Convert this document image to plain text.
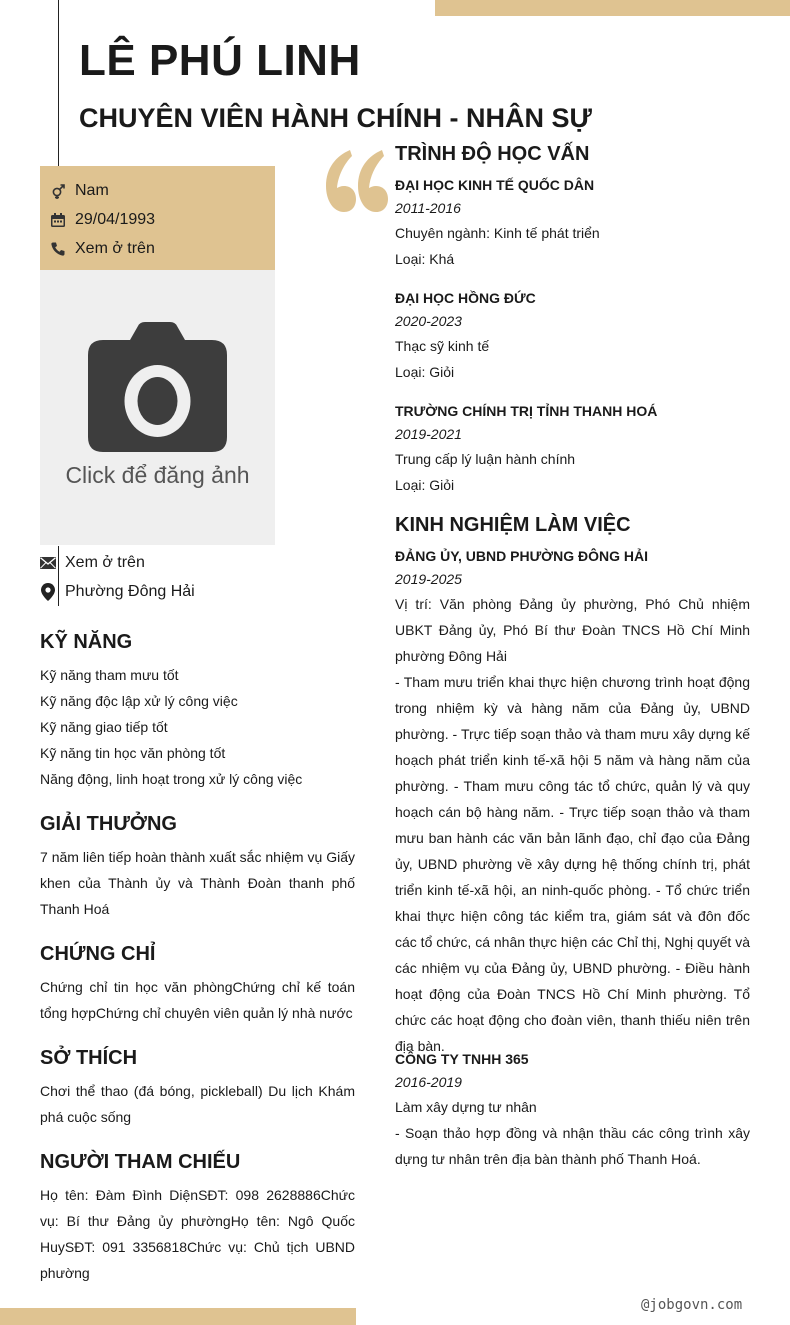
LÊ PHÚ LINH
CHUYÊN VIÊN HÀNH CHÍNH - NHÂN SỰ
Nam
29/04/1993
Xem ở trên
Click để đăng ảnh
Xem ở trên
Phường Đông Hải
KỸ NĂNG
Kỹ năng tham mưu tốt
Kỹ năng độc lập xử lý công việc
Kỹ năng giao tiếp tốt
Kỹ năng tin học văn phòng tốt
Năng động, linh hoạt trong xử lý công việc
GIẢI THƯỞNG
7 năm liên tiếp hoàn thành xuất sắc nhiệm vụ Giấy khen của Thành ủy và Thành Đoàn thanh phố Thanh Hoá
CHỨNG CHỈ
Chứng chỉ tin học văn phòngChứng chỉ kế toán tổng hợpChứng chỉ chuyên viên quản lý nhà nước
SỞ THÍCH
Chơi thể thao (đá bóng, pickleball) Du lịch Khám phá cuộc sống
NGƯỜI THAM CHIẾU
Họ tên: Đàm Đình DiệnSĐT: 098 2628886Chức vụ: Bí thư Đảng ủy phườngHọ tên: Ngô Quốc HuySĐT: 091 3356818Chức vụ: Chủ tịch UBND phường
TRÌNH ĐỘ HỌC VẤN
ĐẠI HỌC KINH TẾ QUỐC DÂN
2011-2016
Chuyên ngành: Kinh tế phát triển
Loại: Khá
ĐẠI HỌC HỒNG ĐỨC
2020-2023
Thạc sỹ kinh tế
Loại: Giỏi
TRƯỜNG CHÍNH TRỊ TỈNH THANH HOÁ
2019-2021
Trung cấp lý luận hành chính
Loại: Giỏi
KINH NGHIỆM LÀM VIỆC
ĐẢNG ỦY, UBND PHƯỜNG ĐÔNG HẢI
2019-2025
Vị trí: Văn phòng Đảng ủy phường, Phó Chủ nhiệm UBKT Đảng ủy, Phó Bí thư Đoàn TNCS Hồ Chí Minh phường Đông Hải
- Tham mưu triển khai thực hiện chương trình hoạt động trong nhiệm kỳ và hàng năm của Đảng ủy, UBND phường. - Trực tiếp soạn thảo và tham mưu xây dựng kế hoạch phát triển kinh tế-xã hội 5 năm và hàng năm của phường. - Tham mưu công tác tổ chức, quản lý và quy hoạch cán bộ hàng năm. - Trực tiếp soạn thảo và tham mưu ban hành các văn bản lãnh đạo, chỉ đạo của Đảng ủy, UBND phường về xây dựng hệ thống chính trị, phát triển kinh tế-xã hội, an ninh-quốc phòng. - Tổ chức triển khai thực hiện công tác kiểm tra, giám sát và đôn đốc các tổ chức, cá nhân thực hiện các Chỉ thị, Nghị quyết và các nhiệm vụ của Đảng ủy, UBND phường. - Điều hành hoạt động của Đoàn TNCS Hồ Chí Minh phường. Tổ chức các hoạt động cho đoàn viên, thanh thiếu niên trên địa bàn.
CÔNG TY TNHH 365
2016-2019
Làm xây dựng tư nhân
- Soạn thảo hợp đồng và nhận thầu các công trình xây dựng tư nhân trên địa bàn thành phố Thanh Hoá.
@jobgovn.com
